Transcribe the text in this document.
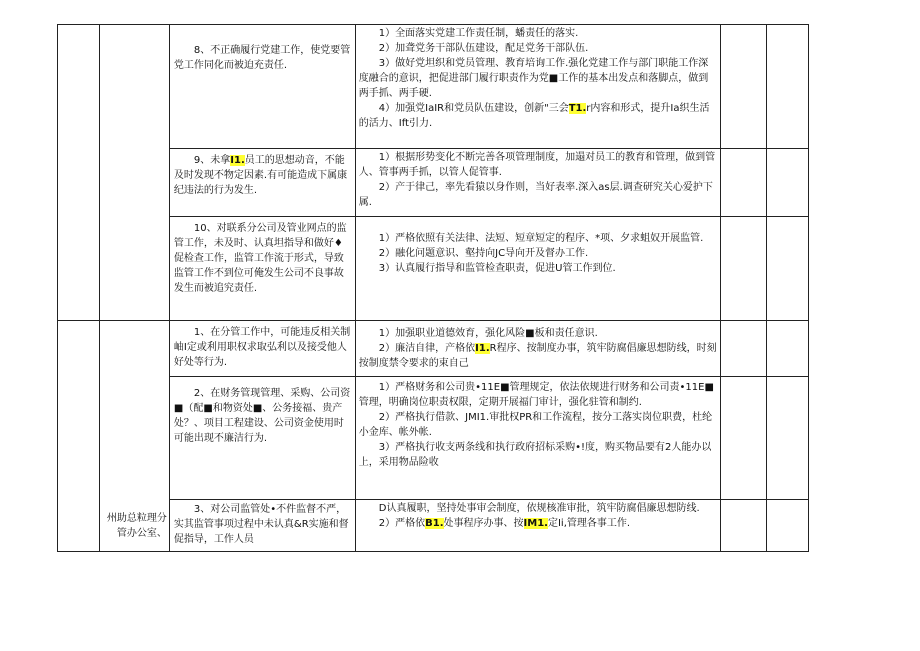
		8、不正确履行党建工作，使党要管党工作同化而被迫充责任.	1）全面落实党建工作责任制，蟠责任的落实.

2）加聋党务干部队伍建设，配足党务干部队伍.

3）做好党坦织和党员管理、教育培询工作.强化党建工作与部门职能工作深度融合的意识，把促进部门履行职责作为党■工作的基本出发点和落脚点，做到两手抓、两手硬.

4）加强党IaIR和党员队伍建设，创新"三会T1.r内容和形式，提升Ia织生活的活力、Ift引力.		

		9、未拿I1.员工的思想动音，不能及时发现不物定因素.有可能造成下属康纪违法的行为发生.	1）根据形势变化不断完善各项管理制度，加遢对员工的教育和管理，做到管人、管事两手抓，以管人促管事.

2）产于律己，率先看猿以身作则，当好表率.深入as层.调查研究关心爱护下属.		

		10、对联系分公司及管业网点的监管工作，未及时、认真坦指导和做好♦促检查工作，监管工作流于形式，导致监管工作不到位可俺发生公司不良事故发生而被追究责任.	1）严格依照有关法律、法短、短章短定的程序、*项、夕求蛆奴开展监管.

2）融化问题意识、壑持向JC导向开及督办工作.

3）认真履行指导和监管检查职责，促进U管工作到位.		

	州助总粒理分管办公室、	1、在分管工作中，可能违反相关制岫I定或利用职权求取弘利以及接受他人好处等行为.	1）加强职业道德效育，强化风险■板和责任意识.

2）廉洁自律，产格依I1.R程序、按制度办事，筑牢防腐倡廉思想防线，时刻按制度禁令要求的束自己		

		2、在财务管现管理、采购、公司资■（配■和物资处■、公务接福、贵产处？、项目工程建设、公司资金使用时可能出现不廉洁行为.	1）严格财务和公司贵•11E■管理规定，依法依规进行财务和公司责•11E■管理，明确岗位职责权限，定期开展福门审计，强化驻管和制约.

2）严格执行借款、JMI1.审批权PR和工作流程，按分工落实岗位职费，杜纶小金库、帐外帐.

3）严格执行收支两条线和执行政府招标采购•!度，购买物品要有2人能办以上，采用物品险收		

		3、对公司监管处•不件监督不严，实其监管事项过程中未认真&R实施和督促指导，工作人员	D认真履职，坚持处事审会制度，依规核准审批，筑牢防腐倡廉思想防线.

2）严格依B1.处事程序办事、按IM1.定Ii,管理各事工作.		
